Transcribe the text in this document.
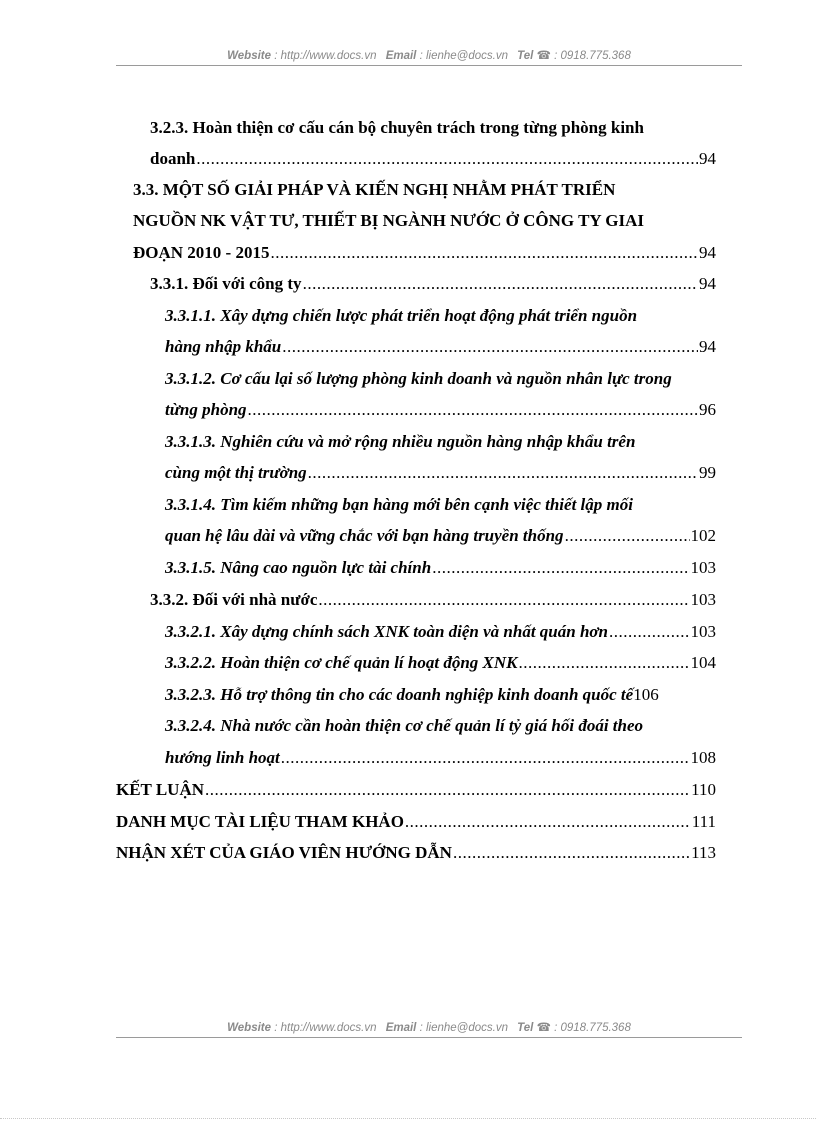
Website : http://www.docs.vn Email : lienhe@docs.vn Tel ☎ : 0918.775.368
3.2.3. Hoàn thiện cơ cấu cán bộ chuyên trách trong từng phòng kinh
doanh .....	94
3.3. MỘT SỐ GIẢI PHÁP VÀ KIẾN NGHỊ NHẰM PHÁT TRIỂN
NGUỒN NK VẬT TƯ, THIẾT BỊ NGÀNH NƯỚC Ở CÔNG TY GIAI
ĐOẠN 2010 - 2015 .....	94
3.3.1. Đối với công ty .....	94
3.3.1.1. Xây dựng chiến lược phát triển hoạt động phát triển nguồn
hàng nhập khẩu .....	94
3.3.1.2. Cơ cấu lại số lượng phòng kinh doanh và nguồn nhân lực trong
từng phòng .....	96
3.3.1.3. Nghiên cứu và mở rộng nhiều nguồn hàng nhập khẩu trên
cùng một thị trường .....	99
3.3.1.4. Tìm kiếm những bạn hàng mới bên cạnh việc thiết lập mối
quan hệ lâu dài và vững chắc với bạn hàng truyền thống .....	102
3.3.1.5. Nâng cao nguồn lực tài chính .....	103
3.3.2. Đối với nhà nước .....	103
3.3.2.1. Xây dựng chính sách XNK toàn diện và nhất quán hơn .....	103
3.3.2.2. Hoàn thiện cơ chế quản lí hoạt động XNK .....	104
3.3.2.3. Hỗ trợ thông tin cho các doanh nghiệp kinh doanh quốc tế 106
3.3.2.4. Nhà nước cần hoàn thiện cơ chế quản lí tỷ giá hối đoái theo
hướng linh hoạt .....	108
KẾT LUẬN .....	110
DANH MỤC TÀI LIỆU THAM KHẢO .....	111
NHẬN XÉT CỦA GIÁO VIÊN HƯỚNG DẪN .....	113
Website : http://www.docs.vn Email : lienhe@docs.vn Tel ☎ : 0918.775.368
